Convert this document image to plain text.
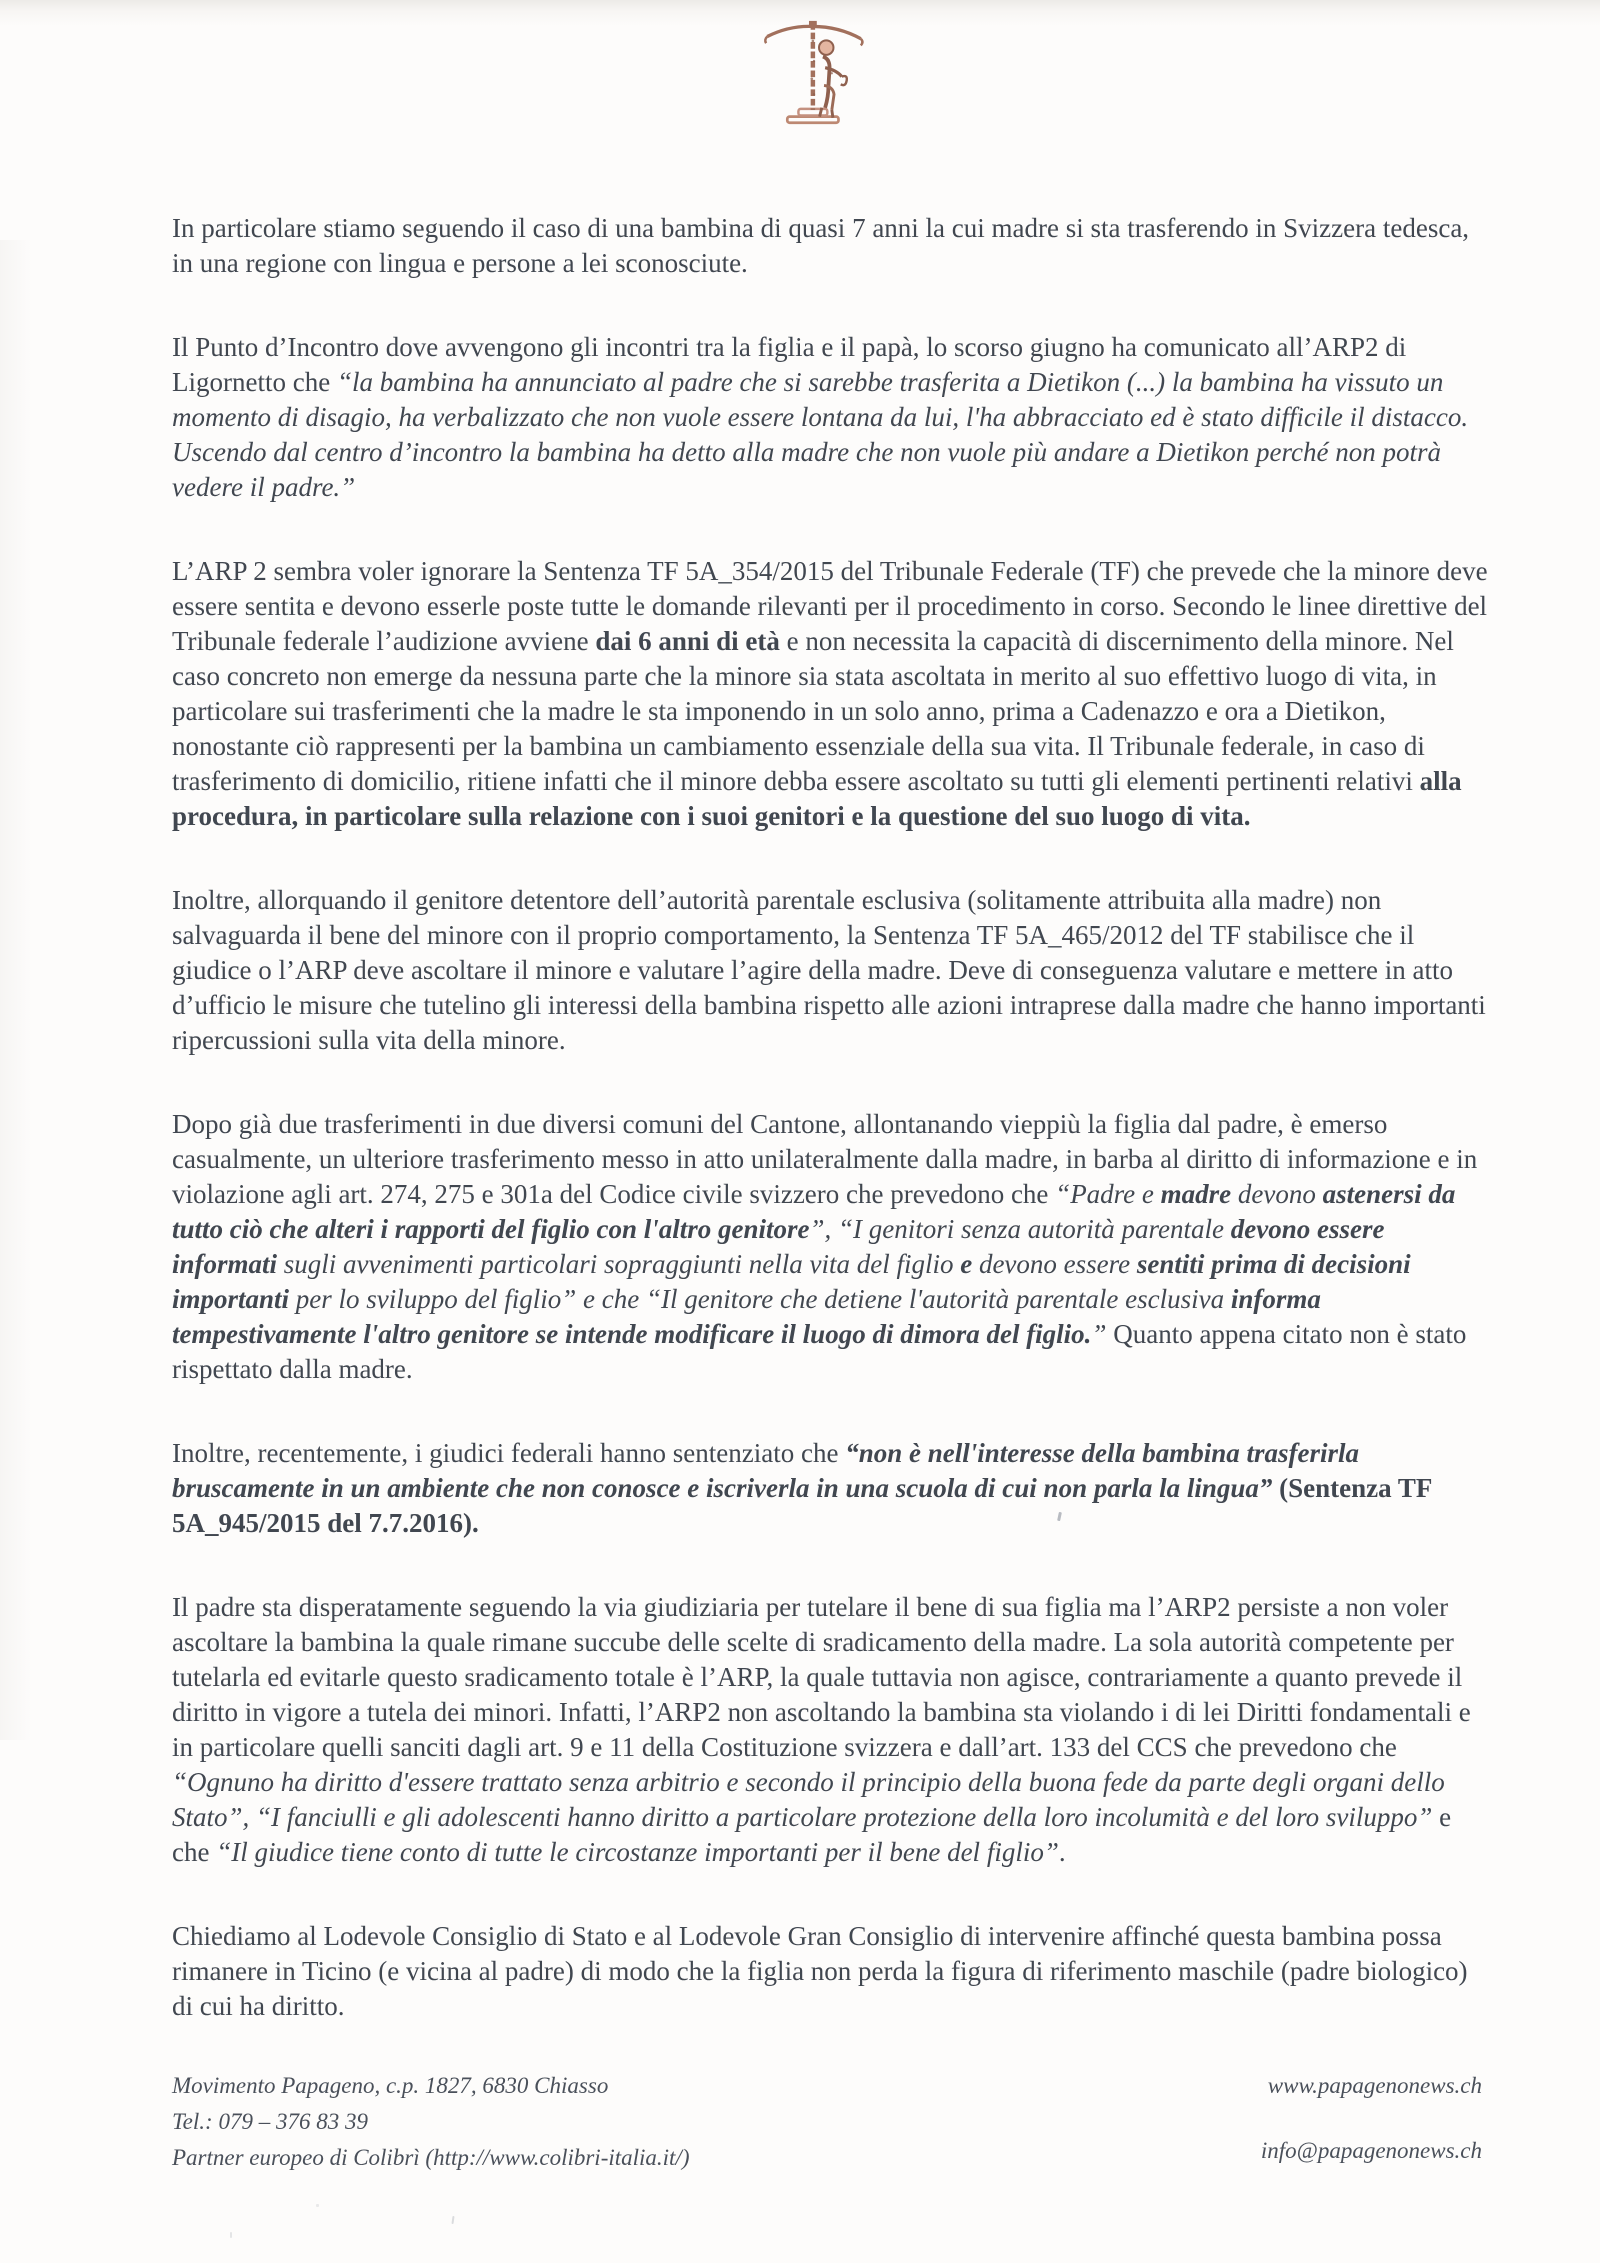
In particolare stiamo seguendo il caso di una bambina di quasi 7 anni la cui madre si sta trasferendo in Svizzera tedesca, in una regione con lingua e persone a lei sconosciute.

Il Punto d’Incontro dove avvengono gli incontri tra la figlia e il papà, lo scorso giugno ha comunicato all’ARP2 di Ligornetto che “la bambina ha annunciato al padre che si sarebbe trasferita a Dietikon (...) la bambina ha vissuto un momento di disagio, ha verbalizzato che non vuole essere lontana da lui, l'ha abbracciato ed è stato difficile il distacco. Uscendo dal centro d’incontro la bambina ha detto alla madre che non vuole più andare a Dietikon perché non potrà vedere il padre.”

L’ARP 2 sembra voler ignorare la Sentenza TF 5A_354/2015 del Tribunale Federale (TF) che prevede che la minore deve essere sentita e devono esserle poste tutte le domande rilevanti per il procedimento in corso. Secondo le linee direttive del Tribunale federale l’audizione avviene dai 6 anni di età e non necessita la capacità di discernimento della minore. Nel caso concreto non emerge da nessuna parte che la minore sia stata ascoltata in merito al suo effettivo luogo di vita, in particolare sui trasferimenti che la madre le sta imponendo in un solo anno, prima a Cadenazzo e ora a Dietikon, nonostante ciò rappresenti per la bambina un cambiamento essenziale della sua vita. Il Tribunale federale, in caso di trasferimento di domicilio, ritiene infatti che il minore debba essere ascoltato su tutti gli elementi pertinenti relativi alla procedura, in particolare sulla relazione con i suoi genitori e la questione del suo luogo di vita.

Inoltre, allorquando il genitore detentore dell’autorità parentale esclusiva (solitamente attribuita alla madre) non salvaguarda il bene del minore con il proprio comportamento, la Sentenza TF 5A_465/2012 del TF stabilisce che il giudice o l’ARP deve ascoltare il minore e valutare l’agire della madre. Deve di conseguenza valutare e mettere in atto d’ufficio le misure che tutelino gli interessi della bambina rispetto alle azioni intraprese dalla madre che hanno importanti ripercussioni sulla vita della minore.

Dopo già due trasferimenti in due diversi comuni del Cantone, allontanando vieppiù la figlia dal padre, è emerso casualmente, un ulteriore trasferimento messo in atto unilateralmente dalla madre, in barba al diritto di informazione e in violazione agli art. 274, 275 e 301a del Codice civile svizzero che prevedono che “Padre e madre devono astenersi da tutto ciò che alteri i rapporti del figlio con l'altro genitore”, “I genitori senza autorità parentale devono essere informati sugli avvenimenti particolari sopraggiunti nella vita del figlio e devono essere sentiti prima di decisioni importanti per lo sviluppo del figlio” e che “Il genitore che detiene l'autorità parentale esclusiva informa tempestivamente l'altro genitore se intende modificare il luogo di dimora del figlio.” Quanto appena citato non è stato rispettato dalla madre.

Inoltre, recentemente, i giudici federali hanno sentenziato che “non è nell'interesse della bambina trasferirla bruscamente in un ambiente che non conosce e iscriverla in una scuola di cui non parla la lingua” (Sentenza TF 5A_945/2015 del 7.7.2016).

Il padre sta disperatamente seguendo la via giudiziaria per tutelare il bene di sua figlia ma l’ARP2 persiste a non voler ascoltare la bambina la quale rimane succube delle scelte di sradicamento della madre. La sola autorità competente per tutelarla ed evitarle questo sradicamento totale è l’ARP, la quale tuttavia non agisce, contrariamente a quanto prevede il diritto in vigore a tutela dei minori. Infatti, l’ARP2 non ascoltando la bambina sta violando i di lei Diritti fondamentali e in particolare quelli sanciti dagli art. 9 e 11 della Costituzione svizzera e dall’art. 133 del CCS che prevedono che “Ognuno ha diritto d'essere trattato senza arbitrio e secondo il principio della buona fede da parte degli organi dello Stato”, “I fanciulli e gli adolescenti hanno diritto a particolare protezione della loro incolumità e del loro sviluppo” e che “Il giudice tiene conto di tutte le circostanze importanti per il bene del figlio”.

Chiediamo al Lodevole Consiglio di Stato e al Lodevole Gran Consiglio di intervenire affinché questa bambina possa rimanere in Ticino (e vicina al padre) di modo che la figlia non perda la figura di riferimento maschile (padre biologico) di cui ha diritto.

Movimento Papageno, c.p. 1827, 6830 Chiasso
Tel.: 079 – 376 83 39
Partner europeo di Colibrì (http://www.colibri-italia.it/)
www.papagenonews.ch
info@papagenonews.ch
